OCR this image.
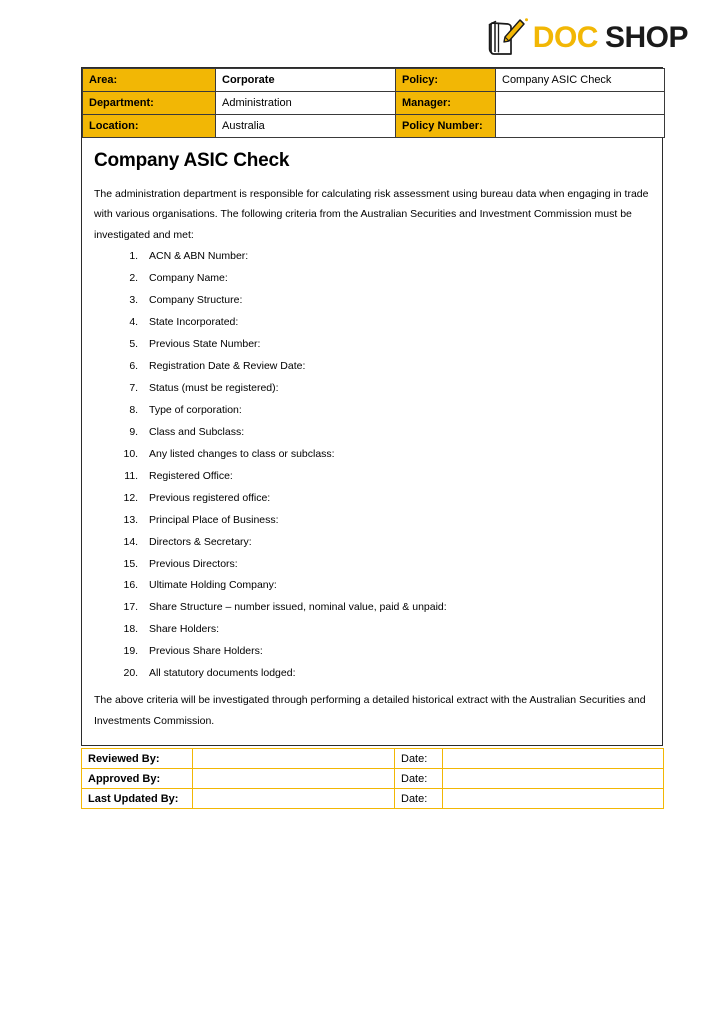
DOC SHOP
Area:	Corporate	Policy:	Company ASIC Check
Department:	Administration	Manager:	
Location:	Australia	Policy Number:	
Company ASIC Check

The administration department is responsible for calculating risk assessment using bureau data when engaging in trade with various organisations. The following criteria from the Australian Securities and Investment Commission must be investigated and met:

1. ACN & ABN Number:
2. Company Name:
3. Company Structure:
4. State Incorporated:
5. Previous State Number:
6. Registration Date & Review Date:
7. Status (must be registered):
8. Type of corporation:
9. Class and Subclass:
10. Any listed changes to class or subclass:
11. Registered Office:
12. Previous registered office:
13. Principal Place of Business:
14. Directors & Secretary:
15. Previous Directors:
16. Ultimate Holding Company:
17. Share Structure – number issued, nominal value, paid & unpaid:
18. Share Holders:
19. Previous Share Holders:
20. All statutory documents lodged:

The above criteria will be investigated through performing a detailed historical extract with the Australian Securities and Investments Commission.

Reviewed By:		Date:	
Approved By:		Date:	
Last Updated By:		Date:	
